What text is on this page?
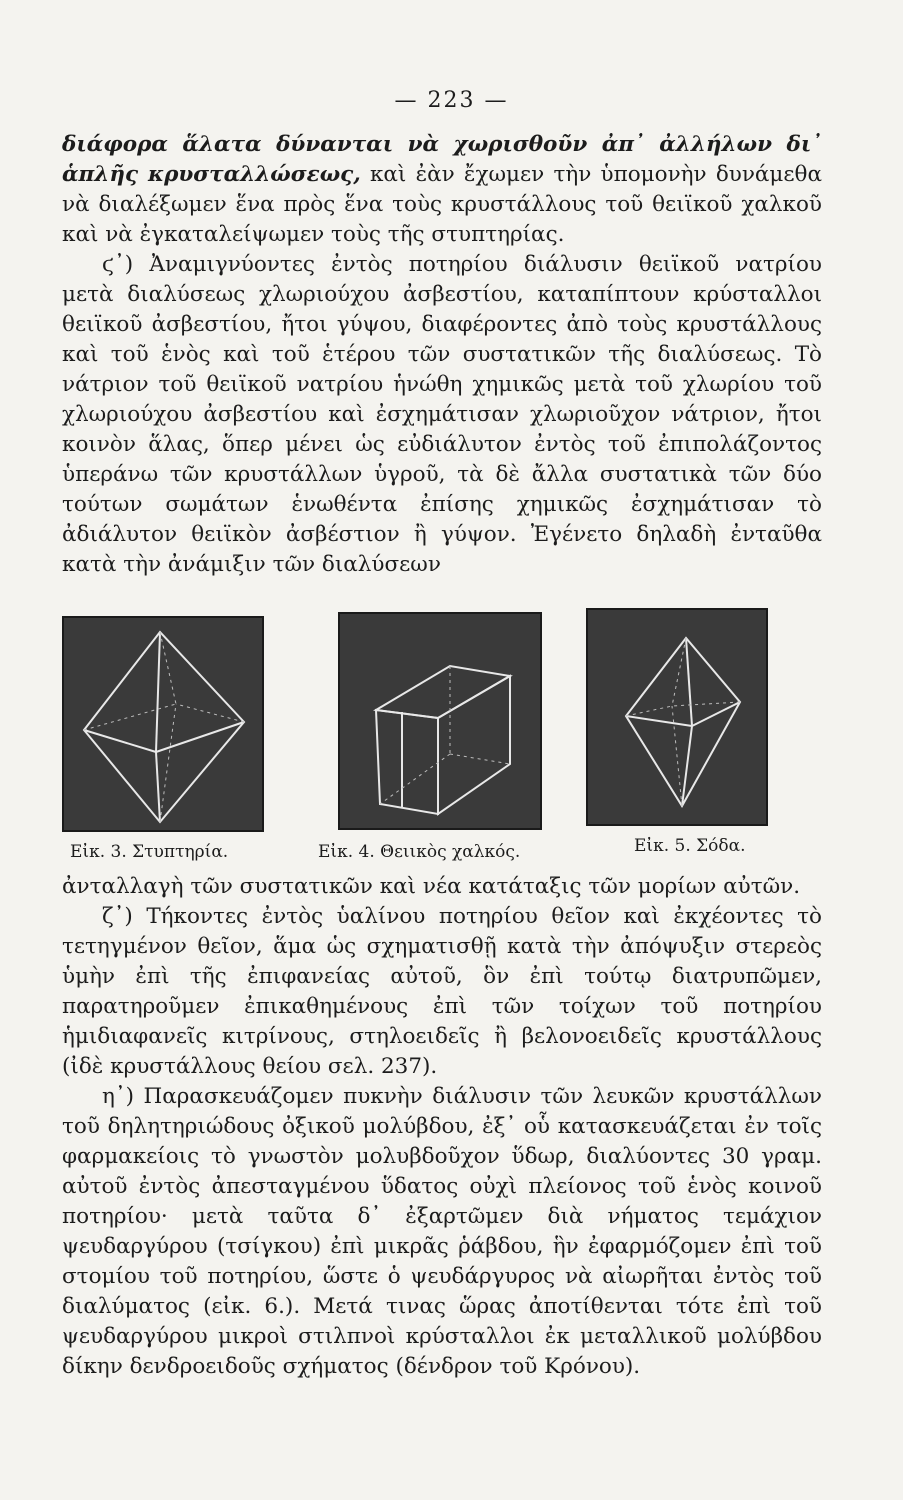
— 223 —

διάφορα ἅλατα δύνανται νὰ χωρισθοῦν ἀπ᾽ ἀλλήλων δι᾽ ἁπλῆς κρυσταλλώσεως, καὶ ἐὰν ἔχωμεν τὴν ὑπομονὴν δυνάμεθα νὰ διαλέξωμεν ἕνα πρὸς ἕνα τοὺς κρυστάλλους τοῦ θειϊκοῦ χαλκοῦ καὶ νὰ ἐγκαταλείψωμεν τοὺς τῆς στυπτηρίας.

ϛ᾽) Ἀναμιγνύοντες ἐντὸς ποτηρίου διάλυσιν θειϊκοῦ νατρίου μετὰ διαλύσεως χλωριούχου ἀσβεστίου, καταπίπτουν κρύσταλλοι θειϊκοῦ ἀσβεστίου, ἤτοι γύψου, διαφέροντες ἀπὸ τοὺς κρυστάλλους καὶ τοῦ ἑνὸς καὶ τοῦ ἑτέρου τῶν συστατικῶν τῆς διαλύσεως. Τὸ νάτριον τοῦ θειϊκοῦ νατρίου ἡνώθη χημικῶς μετὰ τοῦ χλωρίου τοῦ χλωριούχου ἀσβεστίου καὶ ἐσχημάτισαν χλωριοῦχον νάτριον, ἤτοι κοινὸν ἅλας, ὅπερ μένει ὡς εὐδιάλυτον ἐντὸς τοῦ ἐπιπολάζοντος ὑπεράνω τῶν κρυστάλλων ὑγροῦ, τὰ δὲ ἄλλα συστατικὰ τῶν δύο τούτων σωμάτων ἑνωθέντα ἐπίσης χημικῶς ἐσχημάτισαν τὸ ἀδιάλυτον θειϊκὸν ἀσβέστιον ἢ γύψον. Ἐγένετο δηλαδὴ ἐνταῦθα κατὰ τὴν ἀνάμιξιν τῶν διαλύσεων

Εἰκ. 3. Στυπτηρία.	Εἰκ. 4. Θειικὸς χαλκός.	Εἰκ. 5. Σόδα.

ἀνταλλαγὴ τῶν συστατικῶν καὶ νέα κατάταξις τῶν μορίων αὐτῶν.

ζ᾽) Τήκοντες ἐντὸς ὑαλίνου ποτηρίου θεῖον καὶ ἐκχέοντες τὸ τετηγμένον θεῖον, ἅμα ὡς σχηματισθῇ κατὰ τὴν ἀπόψυξιν στερεὸς ὑμὴν ἐπὶ τῆς ἐπιφανείας αὐτοῦ, ὃν ἐπὶ τούτῳ διατρυπῶμεν, παρατηροῦμεν ἐπικαθημένους ἐπὶ τῶν τοίχων τοῦ ποτηρίου ἡμιδιαφανεῖς κιτρίνους, στηλοειδεῖς ἢ βελονοειδεῖς κρυστάλλους (ἰδὲ κρυστάλλους θείου σελ. 237).

η᾽) Παρασκευάζομεν πυκνὴν διάλυσιν τῶν λευκῶν κρυστάλλων τοῦ δηλητηριώδους ὀξικοῦ μολύβδου, ἐξ᾽ οὗ κατασκευάζεται ἐν τοῖς φαρμακείοις τὸ γνωστὸν μολυβδοῦχον ὕδωρ, διαλύοντες 30 γραμ. αὐτοῦ ἐντὸς ἀπεσταγμένου ὕδατος οὐχὶ πλείονος τοῦ ἑνὸς κοινοῦ ποτηρίου· μετὰ ταῦτα δ᾽ ἐξαρτῶμεν διὰ νήματος τεμάχιον ψευδαργύρου (τσίγκου) ἐπὶ μικρᾶς ῥάβδου, ἣν ἐφαρμόζομεν ἐπὶ τοῦ στομίου τοῦ ποτηρίου, ὥστε ὁ ψευδάργυρος νὰ αἰωρῆται ἐντὸς τοῦ διαλύματος (εἰκ. 6.). Μετά τινας ὥρας ἀποτίθενται τότε ἐπὶ τοῦ ψευδαργύρου μικροὶ στιλπνοὶ κρύσταλλοι ἐκ μεταλλικοῦ μολύβδου δίκην δενδροειδοῦς σχήματος (δένδρον τοῦ Κρόνου).
